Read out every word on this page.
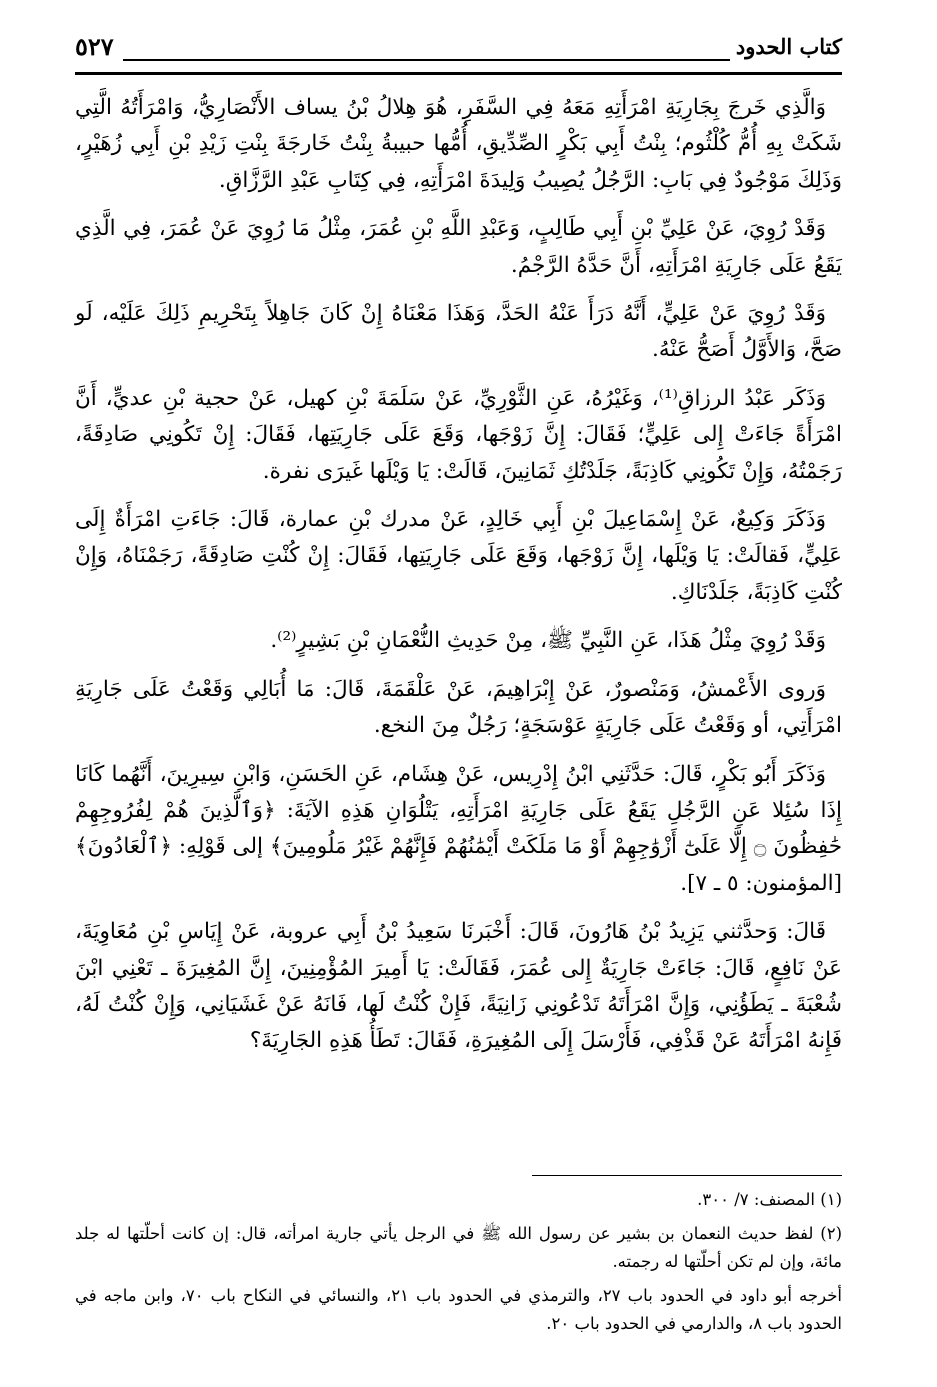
كتاب الحدود
٥٢٧

وَالَّذِي خَرجَ بِجَارِيَةِ امْرَأَتِهِ مَعَهُ فِي السَّفَرِ، هُوَ هِلالُ بْنُ يساف الأَنْصَارِيُّ، وَامْرَأَتُهُ الَّتِي شَكَتْ بِهِ أُمُّ كُلْثُوم؛ بِنْتُ أَبِي بَكْرٍ الصِّدِّيقِ، أُمُّها حبيبةُ بِنْتُ خَارجَةَ بِنْتِ زَيْدِ بْنِ أَبِي زُهَيْرٍ، وَذَلِكَ مَوْجُودٌ فِي بَابِ: الرَّجُلُ يُصِيبُ وَلِيدَةَ امْرَأَتِهِ، فِي كِتَابِ عَبْدِ الرَّزَّاقِ.

وَقَدْ رُوِيَ، عَنْ عَلِيِّ بْنِ أَبِي طَالِبٍ، وَعَبْدِ اللَّهِ بْنِ عُمَرَ، مِثْلُ مَا رُوِيَ عَنْ عُمَرَ، فِي الَّذِي يَقَعُ عَلَى جَارِيَةِ امْرَأَتِهِ، أَنَّ حَدَّهُ الرَّجْمُ.

وَقَدْ رُوِيَ عَنْ عَلِيٍّ، أَنَّهُ دَرَأَ عَنْهُ الحَدَّ، وَهَذَا مَعْنَاهُ إِنْ كَانَ جَاهِلاً بِتَحْرِيمِ ذَلِكَ عَلَيْه، لَو صَحَّ، وَالأَوَّلُ أَصَحُّ عَنْهُ.

وَذَكَر عَبْدُ الرزاقِ⁽¹⁾، وَغَيْرُهُ، عَنِ الثَّوْرِيِّ، عَنْ سَلَمَةَ بْنِ كهيل، عَنْ حجية بْنِ عديٍّ، أَنَّ امْرَأَةً جَاءَتْ إِلى عَلِيٍّ؛ فَقَالَ: إِنَّ زَوْجَها، وَقَعَ عَلَى جَارِيَتِها، فَقَالَ: إِنْ تَكُونِي صَادِقَةً، رَجَمْتُهُ، وَإِنْ تَكُونِي كَاذِبَةً، جَلَدْتُكِ ثَمَانِينَ، قَالَتْ: يَا وَيْلَها غَيرَى نفرة.

وَذَكَرَ وَكِيعٌ، عَنْ إِسْمَاعِيلَ بْنِ أَبِي خَالِدٍ، عَنْ مدرك بْنِ عمارة، قَالَ: جَاءَتِ امْرَأَةٌ إِلَى عَلِيٍّ، فَقالَتْ: يَا وَيْلَها، إِنَّ زَوْجَها، وَقَعَ عَلَى جَارِيَتِها، فَقَالَ: إِنْ كُنْتِ صَادِقَةً، رَجَمْنَاهُ، وَإِنْ كُنْتِ كَاذِبَةً، جَلَدْنَاكِ.

وَقَدْ رُوِيَ مِثْلُ هَذَا، عَنِ النَّبِيِّ ﷺ، مِنْ حَدِيثِ النُّعْمَانِ بْنِ بَشِيرٍ⁽²⁾.

وَروى الأَعْمشُ، وَمَنْصورٌ، عَنْ إِبْرَاهِيمَ، عَنْ عَلْقَمَةَ، قَالَ: مَا أُبَالِي وَقَعْتُ عَلَى جَارِيَةِ امْرَأَتِي، أو وَقَعْتُ عَلَى جَارِيَةٍ عَوْسَجَةٍ؛ رَجُلٌ مِنَ النخع.

وَذَكَرَ أَبُو بَكْرٍ، قَالَ: حَدَّثَنِي ابْنُ إِدْرِيس، عَنْ هِشَام، عَنِ الحَسَنِ، وَابْنِ سِيرِينَ، أَنَّهُما كَانَا إِذَا سُئِلا عَنِ الرَّجُلِ يَقَعُ عَلَى جَارِيَةِ امْرَأَتِهِ، يَتْلُوَانِ هَذِهِ الآيَةَ: ﴿وَٱلَّذِينَ هُمْ لِفُرُوجِهِمْ حَٰفِظُونَ ۝ إِلَّا عَلَىٰٓ أَزْوَٰجِهِمْ أَوْ مَا مَلَكَتْ أَيْمَٰنُهُمْ فَإِنَّهُمْ غَيْرُ مَلُومِينَ﴾ إلى قَوْلِهِ: ﴿ٱلْعَادُونَ﴾ [المؤمنون: ٥ ـ ٧].

قَالَ: وَحدَّثني يَزِيدُ بْنُ هَارُونَ، قَالَ: أَخْبَرنَا سَعِيدُ بْنُ أَبِي عروبة، عَنْ إِيَاسِ بْنِ مُعَاوِيَةَ، عَنْ نَافِعٍ، قَالَ: جَاءَتْ جَارِيَةٌ إِلى عُمَرَ، فَقَالَتْ: يَا أَمِيرَ المُؤْمِنِينَ، إِنَّ المُغِيرَةَ ـ تَعْنِي ابْنَ شُعْبَةَ ـ يَطَؤُنِي، وَإِنَّ امْرَأَتَهُ تَدْعُونِي زَانِيَةً، فَإِنْ كُنْتُ لَها، فَانَهُ عَنْ غَشَيَانِي، وَإِنْ كُنْتُ لَهُ، فَإِنهُ امْرَأَتَهُ عَنْ قَذْفِي، فَأَرْسَلَ إِلَى المُغِيرَةِ، فَقَالَ: تَطَأُ هَذِهِ الجَارِيَةَ؟

(١) المصنف: ٧/ ٣٠٠.

(٢) لفظ حديث النعمان بن بشير عن رسول الله ﷺ في الرجل يأتي جارية امرأته، قال: إن كانت أحلّتها له جلد مائة، وإن لم تكن أحلّتها له رجمته.

أخرجه أبو داود في الحدود باب ٢٧، والترمذي في الحدود باب ٢١، والنسائي في النكاح باب ٧٠، وابن ماجه في الحدود باب ٨، والدارمي في الحدود باب ٢٠.
